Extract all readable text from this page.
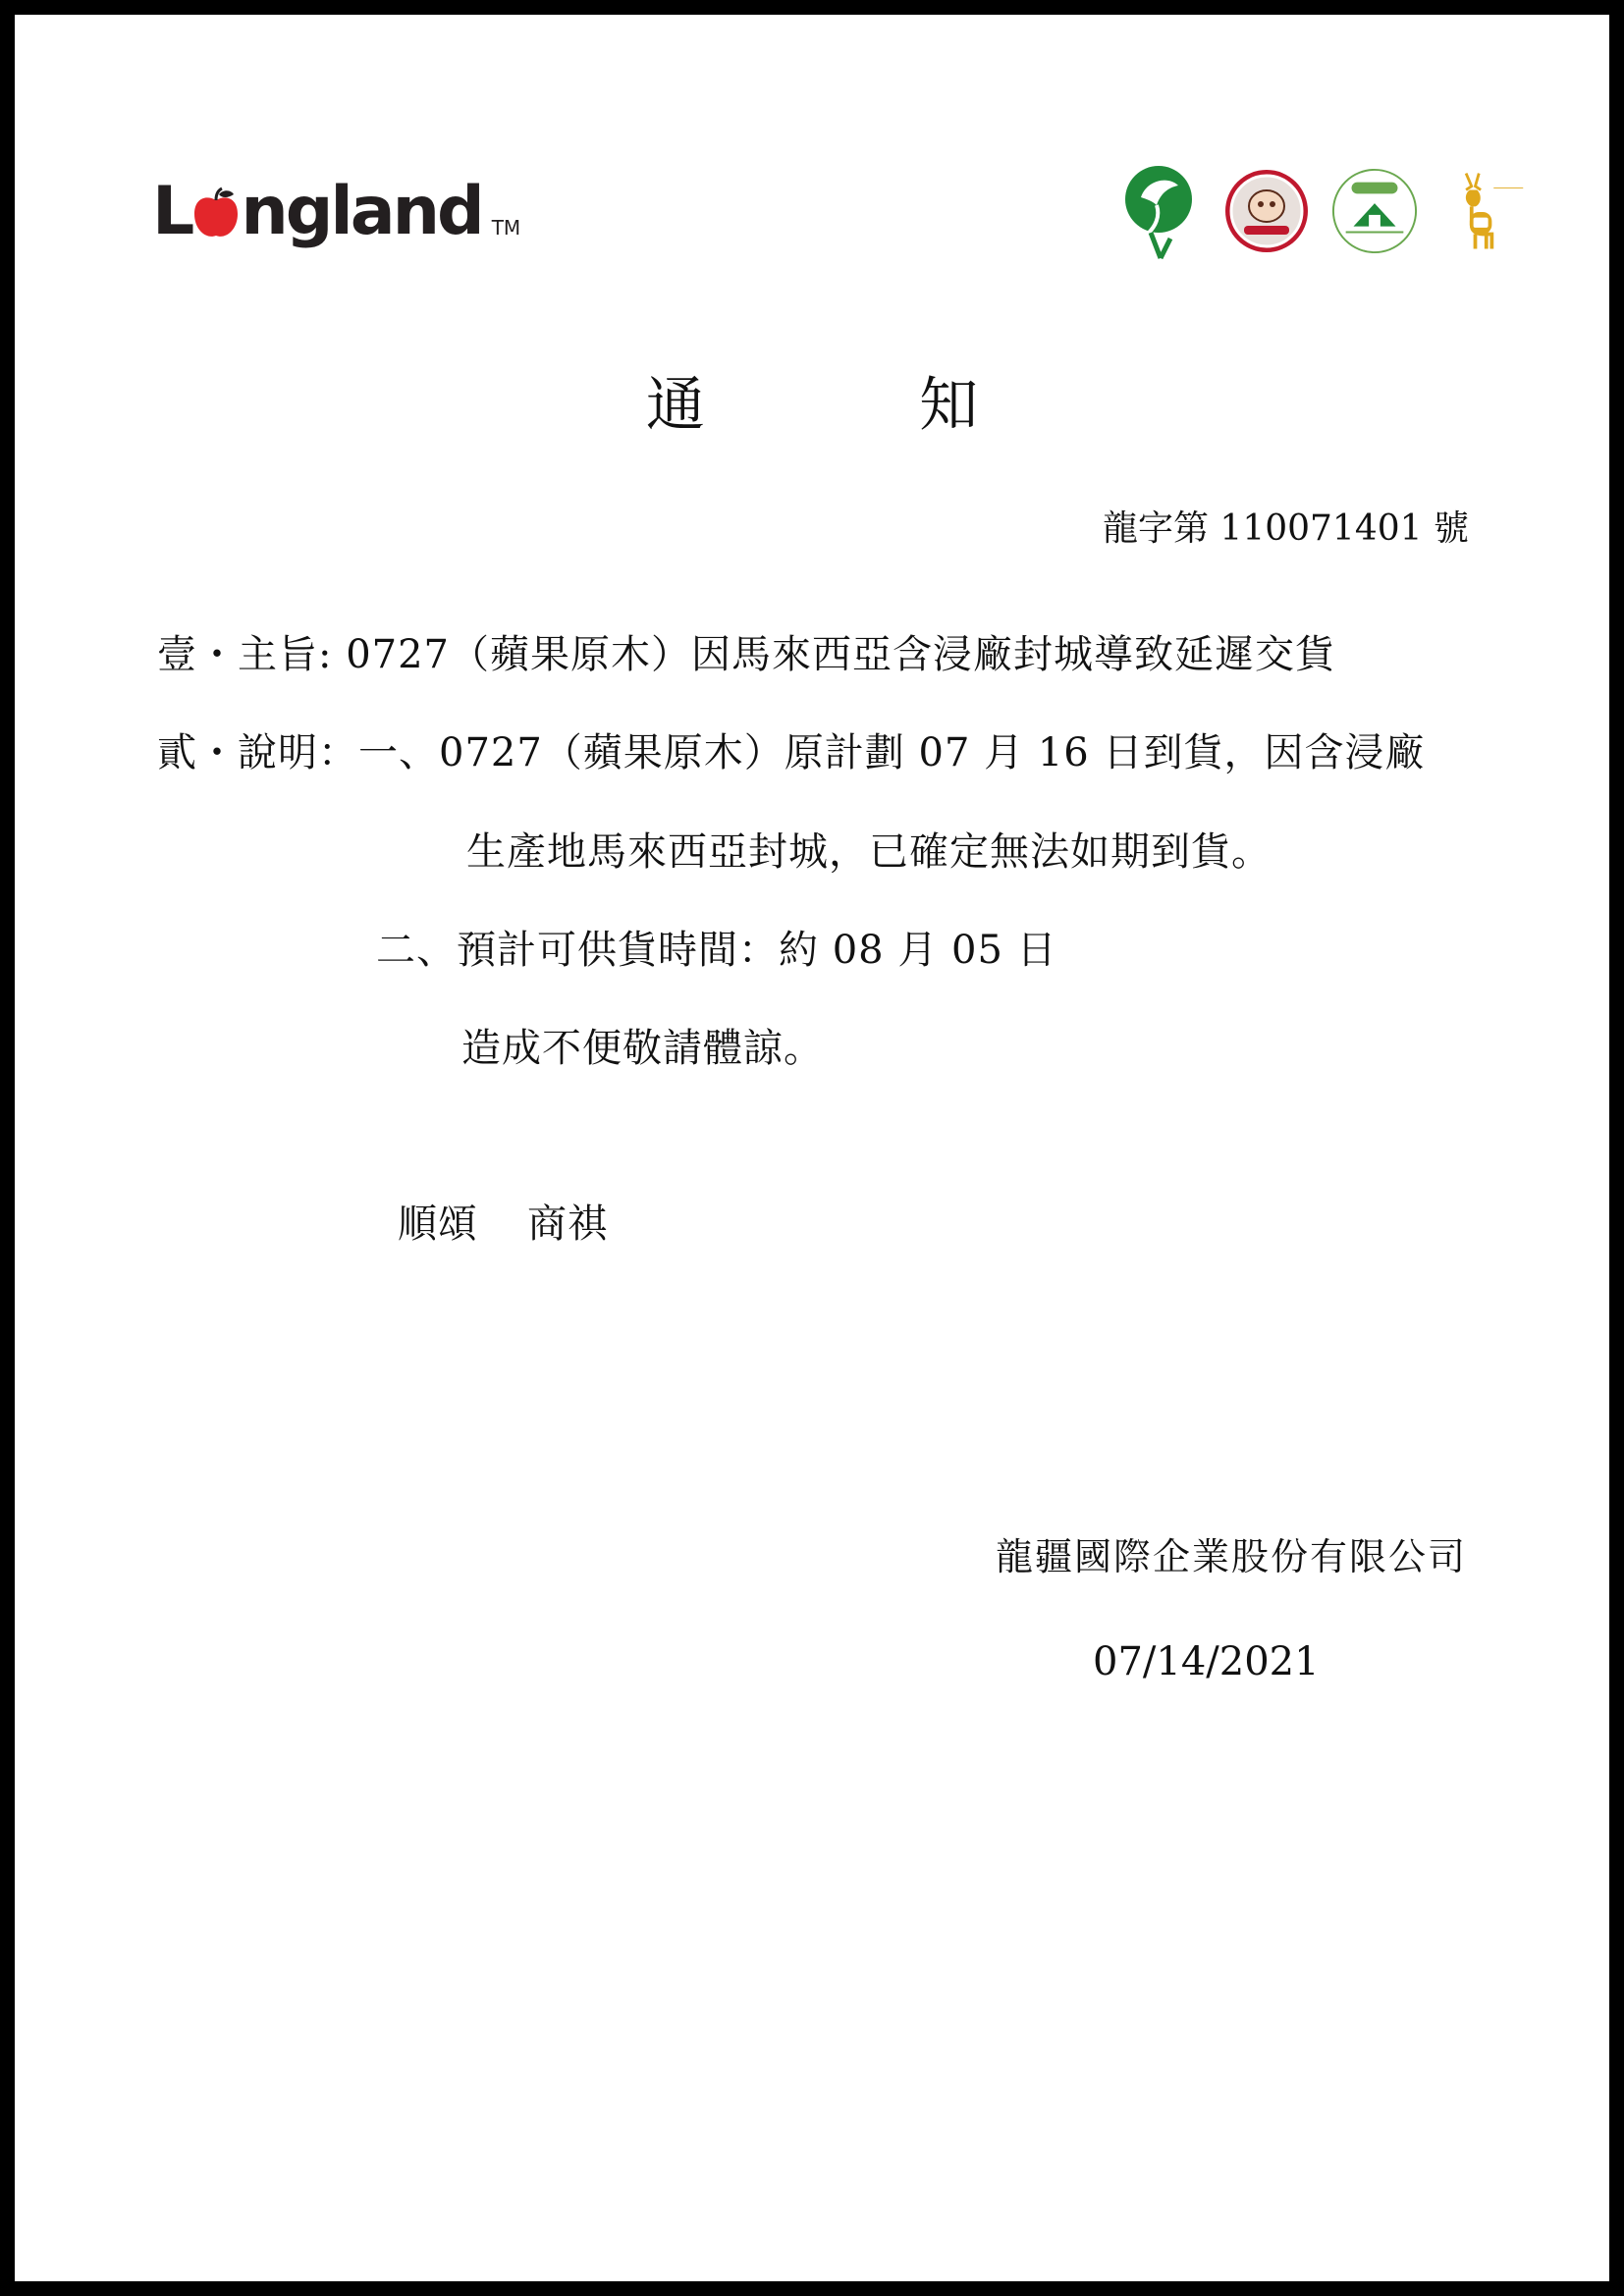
L ngland TM
通	知
龍字第 110071401 號
壹・主旨: 0727（蘋果原木）因馬來西亞含浸廠封城導致延遲交貨
貳・說明：一、0727（蘋果原木）原計劃 07 月 16 日到貨，因含浸廠
生產地馬來西亞封城，已確定無法如期到貨。
二、預計可供貨時間：約 08 月 05 日
造成不便敬請體諒。
順頌 商祺
龍疆國際企業股份有限公司
07/14/2021
